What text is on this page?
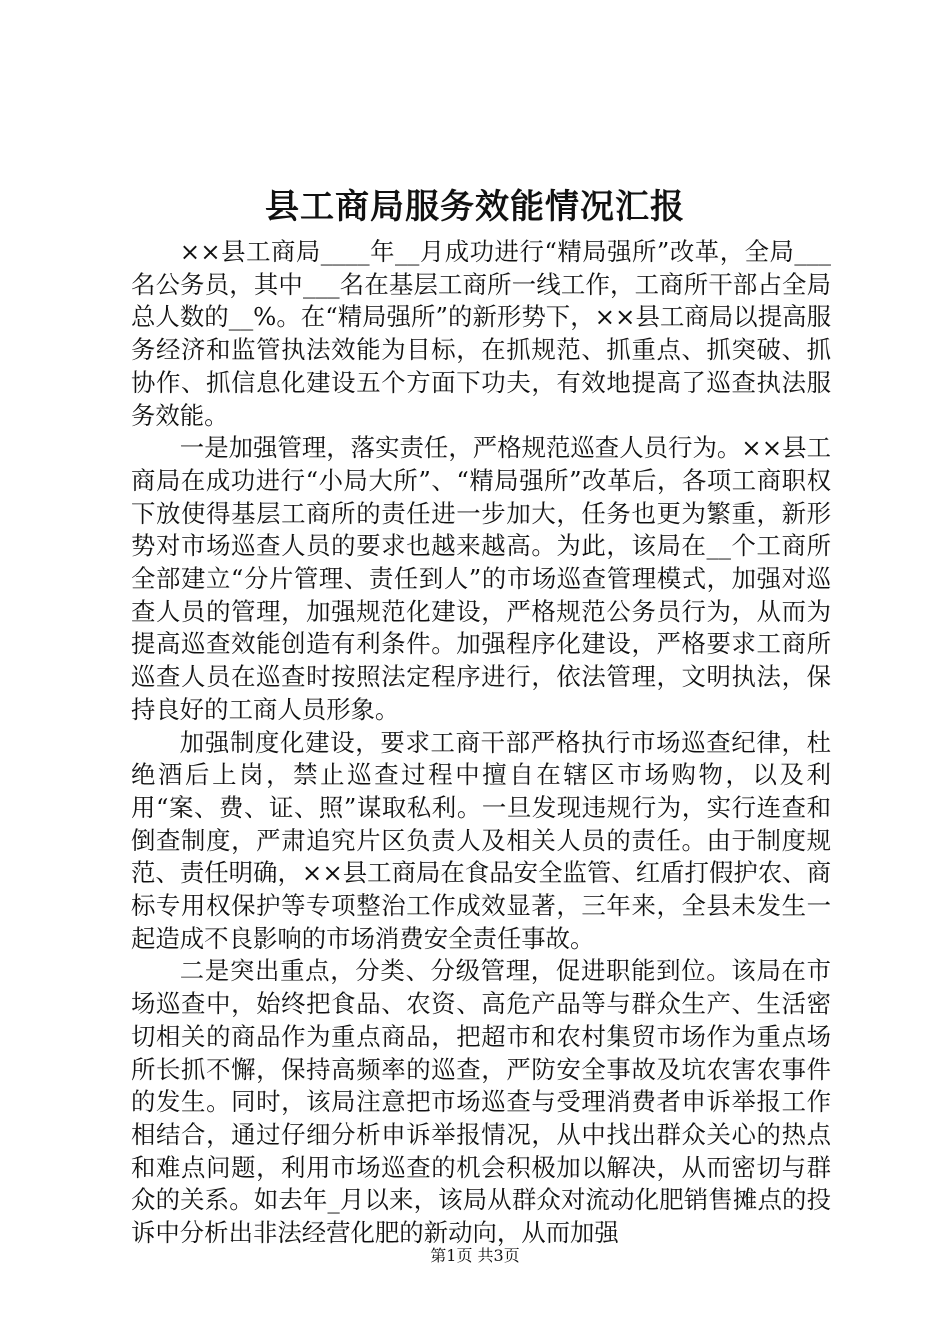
县工商局服务效能情况汇报

××县工商局____年__月成功进行“精局强所”改革，全局___名公务员，其中___名在基层工商所一线工作，工商所干部占全局总人数的__%。在“精局强所”的新形势下，××县工商局以提高服务经济和监管执法效能为目标，在抓规范、抓重点、抓突破、抓协作、抓信息化建设五个方面下功夫，有效地提高了巡查执法服务效能。

一是加强管理，落实责任，严格规范巡查人员行为。××县工商局在成功进行“小局大所”、“精局强所”改革后，各项工商职权下放使得基层工商所的责任进一步加大，任务也更为繁重，新形势对市场巡查人员的要求也越来越高。为此，该局在__个工商所全部建立“分片管理、责任到人”的市场巡查管理模式，加强对巡查人员的管理，加强规范化建设，严格规范公务员行为，从而为提高巡查效能创造有利条件。加强程序化建设，严格要求工商所巡查人员在巡查时按照法定程序进行，依法管理，文明执法，保持良好的工商人员形象。

加强制度化建设，要求工商干部严格执行市场巡查纪律，杜绝酒后上岗，禁止巡查过程中擅自在辖区市场购物，以及利用“案、费、证、照”谋取私利。一旦发现违规行为，实行连查和倒查制度，严肃追究片区负责人及相关人员的责任。由于制度规范、责任明确，××县工商局在食品安全监管、红盾打假护农、商标专用权保护等专项整治工作成效显著，三年来，全县未发生一起造成不良影响的市场消费安全责任事故。

二是突出重点，分类、分级管理，促进职能到位。该局在市场巡查中，始终把食品、农资、高危产品等与群众生产、生活密切相关的商品作为重点商品，把超市和农村集贸市场作为重点场所长抓不懈，保持高频率的巡查，严防安全事故及坑农害农事件的发生。同时，该局注意把市场巡查与受理消费者申诉举报工作相结合，通过仔细分析申诉举报情况，从中找出群众关心的热点和难点问题，利用市场巡查的机会积极加以解决，从而密切与群众的关系。如去年_月以来，该局从群众对流动化肥销售摊点的投诉中分析出非法经营化肥的新动向，从而加强

第1页 共3页
